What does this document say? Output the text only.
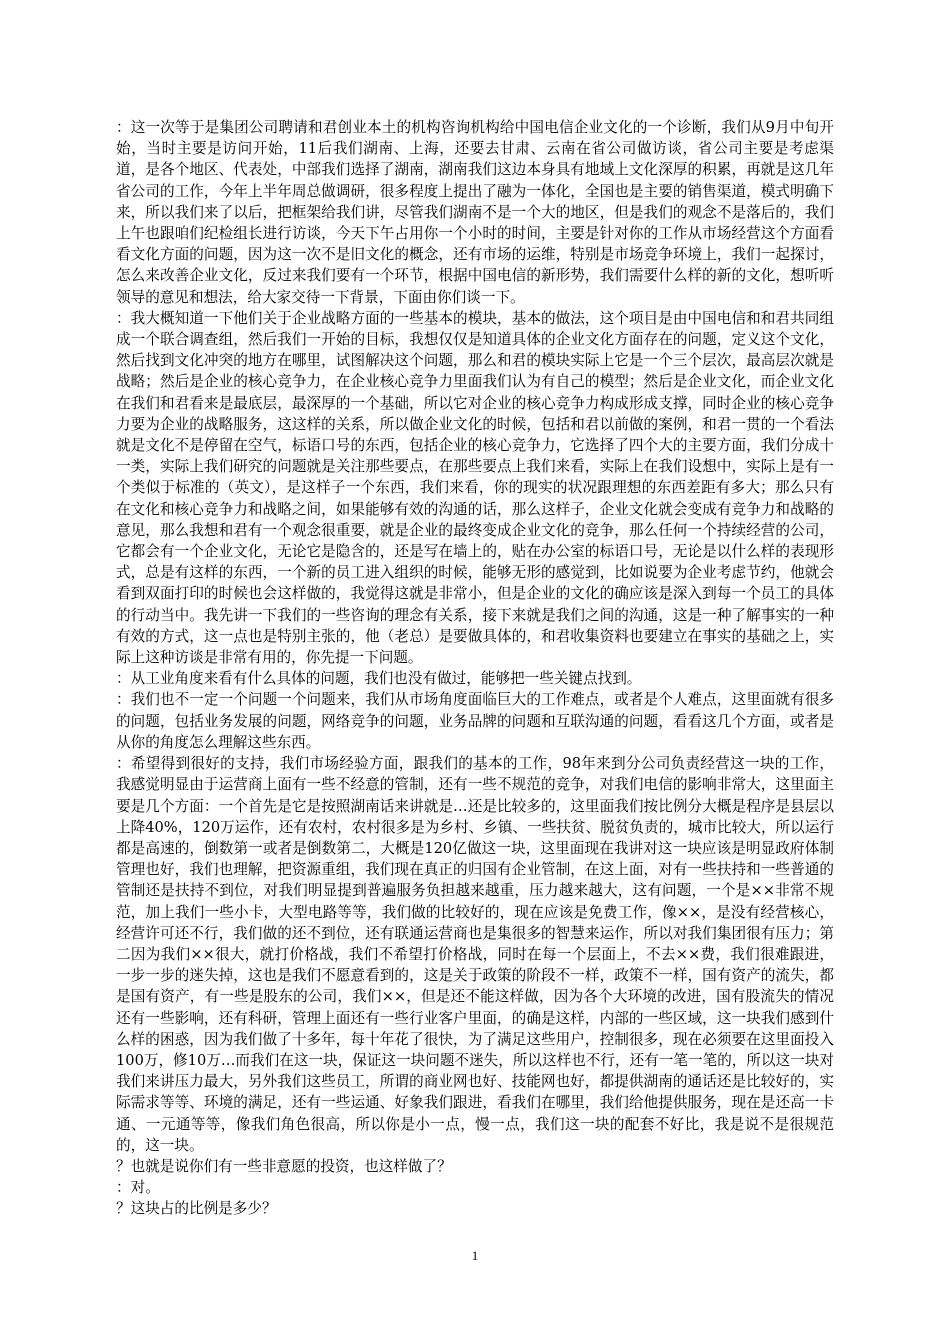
：这一次等于是集团公司聘请和君创业本土的机构咨询机构给中国电信企业文化的一个诊断，我们从9月中旬开始，当时主要是访问开始，11后我们湖南、上海，还要去甘肃、云南在省公司做访谈，省公司主要是考虑渠道，是各个地区、代表处，中部我们选择了湖南，湖南我们这边本身具有地域上文化深厚的积累，再就是这几年省公司的工作，今年上半年周总做调研，很多程度上提出了融为一体化，全国也是主要的销售渠道，模式明确下来，所以我们来了以后，把框架给我们讲，尽管我们湖南不是一个大的地区，但是我们的观念不是落后的，我们上午也跟咱们纪检组长进行访谈，今天下午占用你一个小时的时间，主要是针对你的工作从市场经营这个方面看看文化方面的问题，因为这一次不是旧文化的概念，还有市场的运维，特别是市场竞争环境上，我们一起探讨，怎么来改善企业文化，反过来我们要有一个环节，根据中国电信的新形势，我们需要什么样的新的文化，想听听领导的意见和想法，给大家交待一下背景，下面由你们谈一下。

：我大概知道一下他们关于企业战略方面的一些基本的模块，基本的做法，这个项目是由中国电信和和君共同组成一个联合调查组，然后我们一开始的目标，我想仅仅是知道具体的企业文化方面存在的问题，定义这个文化，然后找到文化冲突的地方在哪里，试图解决这个问题，那么和君的模块实际上它是一个三个层次，最高层次就是战略；然后是企业的核心竞争力，在企业核心竞争力里面我们认为有自己的模型；然后是企业文化，而企业文化在我们和君看来是最底层，最深厚的一个基础，所以它对企业的核心竞争力构成形成支撑，同时企业的核心竞争力要为企业的战略服务，这这样的关系，所以做企业文化的时候，包括和君以前做的案例，和君一贯的一个看法就是文化不是停留在空气，标语口号的东西，包括企业的核心竞争力，它选择了四个大的主要方面，我们分成十一类，实际上我们研究的问题就是关注那些要点，在那些要点上我们来看，实际上在我们设想中，实际上是有一个类似于标准的（英文），是这样子一个东西，我们来看，你的现实的状况跟理想的东西差距有多大；那么只有在文化和核心竞争力和战略之间，如果能够有效的沟通的话，那么这样子，企业文化就会变成有竞争力和战略的意见，那么我想和君有一个观念很重要，就是企业的最终变成企业文化的竞争，那么任何一个持续经营的公司，它都会有一个企业文化，无论它是隐含的，还是写在墙上的，贴在办公室的标语口号，无论是以什么样的表现形式，总是有这样的东西，一个新的员工进入组织的时候，能够无形的感觉到，比如说要为企业考虑节约，他就会看到双面打印的时候也会这样做的，我觉得这就是非常小，但是企业的文化的确应该是深入到每一个员工的具体的行动当中。我先讲一下我们的一些咨询的理念有关系，接下来就是我们之间的沟通，这是一种了解事实的一种有效的方式，这一点也是特别主张的，他（老总）是要做具体的，和君收集资料也要建立在事实的基础之上，实际上这种访谈是非常有用的，你先提一下问题。

：从工业角度来看有什么具体的问题，我们也没有做过，能够把一些关键点找到。

：我们也不一定一个问题一个问题来，我们从市场角度面临巨大的工作难点，或者是个人难点，这里面就有很多的问题，包括业务发展的问题，网络竞争的问题，业务品牌的问题和互联沟通的问题，看看这几个方面，或者是从你的角度怎么理解这些东西。

：希望得到很好的支持，我们市场经验方面，跟我们的基本的工作，98年来到分公司负责经营这一块的工作，我感觉明显由于运营商上面有一些不经意的管制，还有一些不规范的竞争，对我们电信的影响非常大，这里面主要是几个方面：一个首先是它是按照湖南话来讲就是…还是比较多的，这里面我们按比例分大概是程序是县层以上降40%，120万运作，还有农村，农村很多是为乡村、乡镇、一些扶贫、脱贫负责的，城市比较大，所以运行都是高速的，倒数第一或者是倒数第二，大概是120亿做这一块，这里面现在我讲对这一块应该是明显政府体制管理也好，我们也理解，把资源重组，我们现在真正的归国有企业管制，在这上面，对有一些扶持和一些普通的管制还是扶持不到位，对我们明显提到普遍服务负担越来越重，压力越来越大，这有问题，一个是××非常不规范，加上我们一些小卡，大型电路等等，我们做的比较好的，现在应该是免费工作，像××，是没有经营核心，经营许可还不行，我们做的还不到位，还有联通运营商也是集很多的智慧来运作，所以对我们集团很有压力；第二因为我们××很大，就打价格战，我们不希望打价格战，同时在每一个层面上，不去××费，我们很难跟进，一步一步的迷失掉，这也是我们不愿意看到的，这是关于政策的阶段不一样，政策不一样，国有资产的流失，都是国有资产，有一些是股东的公司，我们××，但是还不能这样做，因为各个大环境的改进，国有股流失的情况还有一些影响，还有科研，管理上面还有一些行业客户里面，的确是这样，内部的一些区域，这一块我们感到什么样的困惑，因为我们做了十多年，每十年花了很快，为了满足这些用户，控制很多，现在必须要在这里面投入100万，修10万…而我们在这一块，保证这一块问题不迷失，所以这样也不行，还有一笔一笔的，所以这一块对我们来讲压力最大，另外我们这些员工，所谓的商业网也好、技能网也好，都提供湖南的通话还是比较好的，实际需求等等、环境的满足，还有一些运通、好象我们跟进，看我们在哪里，我们给他提供服务，现在是还高一卡通、一元通等等，像我们角色很高，所以你是小一点，慢一点，我们这一块的配套不好比，我是说不是很规范的，这一块。

？也就是说你们有一些非意愿的投资，也这样做了？

：对。

？这块占的比例是多少？

1
